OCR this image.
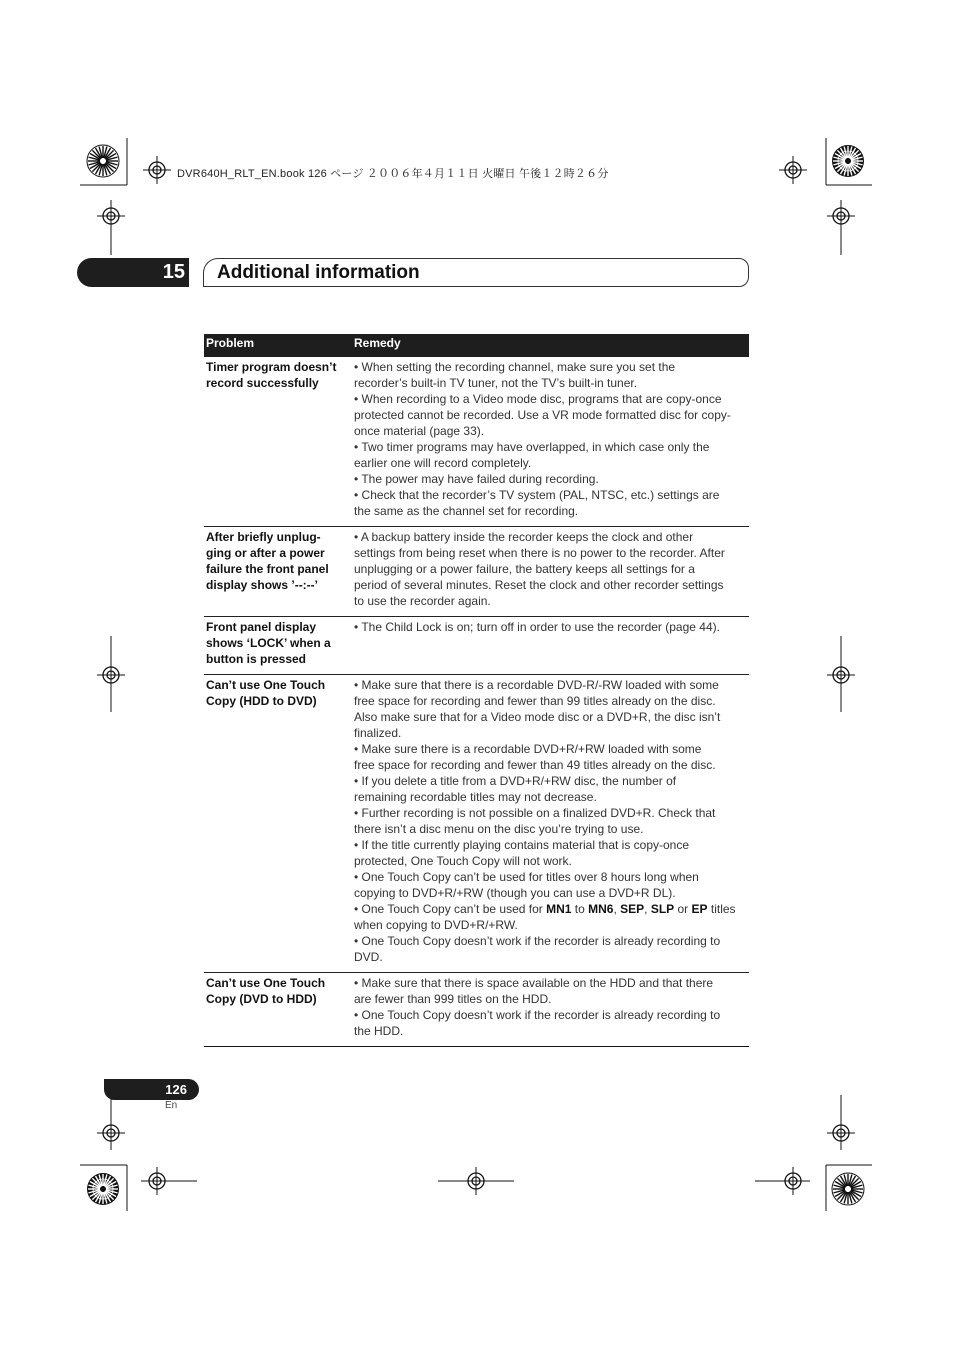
DVR640H_RLT_EN.book 126 ページ ２００６年４月１１日 火曜日 午後１２時２６分
15 Additional information
Problem	Remedy
Timer program doesn’t
record successfully
• When setting the recording channel, make sure you set the
recorder’s built-in TV tuner, not the TV’s built-in tuner.
• When recording to a Video mode disc, programs that are copy-once
protected cannot be recorded. Use a VR mode formatted disc for copy-
once material (page 33).
• Two timer programs may have overlapped, in which case only the
earlier one will record completely.
• The power may have failed during recording.
• Check that the recorder’s TV system (PAL, NTSC, etc.) settings are
the same as the channel set for recording.
After briefly unplug-
ging or after a power
failure the front panel
display shows ’--:--’
• A backup battery inside the recorder keeps the clock and other
settings from being reset when there is no power to the recorder. After
unplugging or a power failure, the battery keeps all settings for a
period of several minutes. Reset the clock and other recorder settings
to use the recorder again.
Front panel display
shows ‘LOCK’ when a
button is pressed
• The Child Lock is on; turn off in order to use the recorder (page 44).
Can’t use One Touch
Copy (HDD to DVD)
• Make sure that there is a recordable DVD-R/-RW loaded with some
free space for recording and fewer than 99 titles already on the disc.
Also make sure that for a Video mode disc or a DVD+R, the disc isn’t
finalized.
• Make sure there is a recordable DVD+R/+RW loaded with some
free space for recording and fewer than 49 titles already on the disc.
• If you delete a title from a DVD+R/+RW disc, the number of
remaining recordable titles may not decrease.
• Further recording is not possible on a finalized DVD+R. Check that
there isn’t a disc menu on the disc you’re trying to use.
• If the title currently playing contains material that is copy-once
protected, One Touch Copy will not work.
• One Touch Copy can’t be used for titles over 8 hours long when
copying to DVD+R/+RW (though you can use a DVD+R DL).
• One Touch Copy can’t be used for MN1 to MN6, SEP, SLP or EP titles
when copying to DVD+R/+RW.
• One Touch Copy doesn’t work if the recorder is already recording to
DVD.
Can’t use One Touch
Copy (DVD to HDD)
• Make sure that there is space available on the HDD and that there
are fewer than 999 titles on the HDD.
• One Touch Copy doesn’t work if the recorder is already recording to
the HDD.
126
En
